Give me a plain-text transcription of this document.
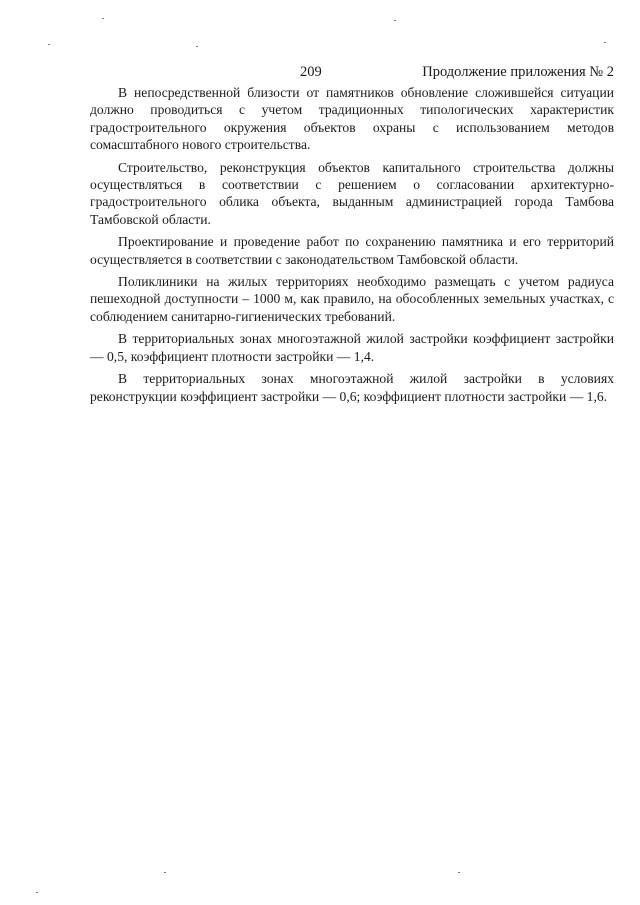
209	Продолжение приложения № 2

В непосредственной близости от памятников обновление сложившейся ситуации должно проводиться с учетом традиционных типологических характеристик градостроительного окружения объектов охраны с использованием методов сомасштабного нового строительства.

Строительство, реконструкция объектов капитального строительства должны осуществляться в соответствии с решением о согласовании архитектурно-градостроительного облика объекта, выданным администрацией города Тамбова Тамбовской области.

Проектирование и проведение работ по сохранению памятника и его территорий осуществляется в соответствии с законодательством Тамбовской области.

Поликлиники на жилых территориях необходимо размещать с учетом радиуса пешеходной доступности – 1000 м, как правило, на обособленных земельных участках, с соблюдением санитарно-гигиенических требований.

В территориальных зонах многоэтажной жилой застройки коэффициент застройки — 0,5, коэффициент плотности застройки — 1,4.

В территориальных зонах многоэтажной жилой застройки в условиях реконструкции коэффициент застройки — 0,6; коэффициент плотности застройки — 1,6.
